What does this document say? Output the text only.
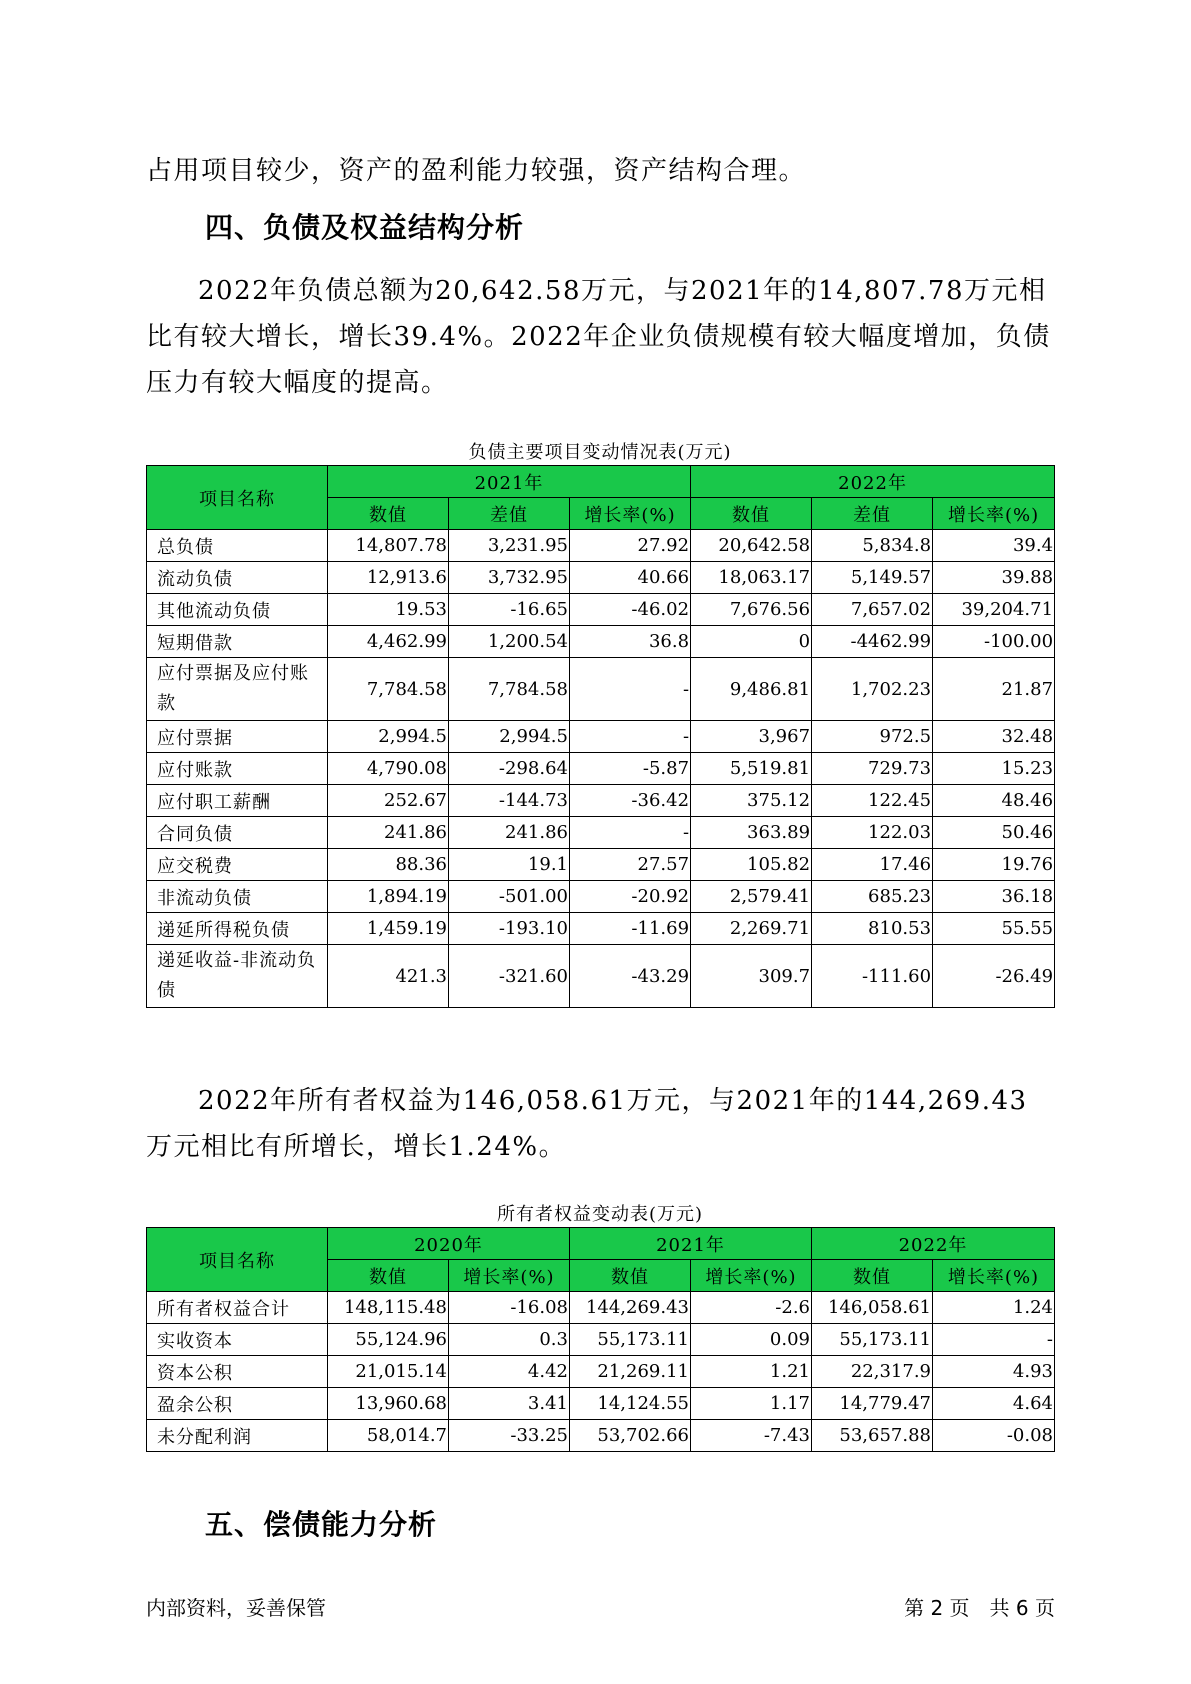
占用项目较少，资产的盈利能力较强，资产结构合理。

四、负债及权益结构分析

2022年负债总额为20,642.58万元，与2021年的14,807.78万元相比有较大增长，增长39.4%。2022年企业负债规模有较大幅度增加，负债压力有较大幅度的提高。

负债主要项目变动情况表(万元)
项目名称	2021年			2022年		
	数值	差值	增长率(%)	数值	差值	增长率(%)
总负债	14,807.78	3,231.95	27.92	20,642.58	5,834.8	39.4
流动负债	12,913.6	3,732.95	40.66	18,063.17	5,149.57	39.88
其他流动负债	19.53	-16.65	-46.02	7,676.56	7,657.02	39,204.71
短期借款	4,462.99	1,200.54	36.8	0	-4462.99	-100.00
应付票据及应付账款	7,784.58	7,784.58	-	9,486.81	1,702.23	21.87
应付票据	2,994.5	2,994.5	-	3,967	972.5	32.48
应付账款	4,790.08	-298.64	-5.87	5,519.81	729.73	15.23
应付职工薪酬	252.67	-144.73	-36.42	375.12	122.45	48.46
合同负债	241.86	241.86	-	363.89	122.03	50.46
应交税费	88.36	19.1	27.57	105.82	17.46	19.76
非流动负债	1,894.19	-501.00	-20.92	2,579.41	685.23	36.18
递延所得税负债	1,459.19	-193.10	-11.69	2,269.71	810.53	55.55
递延收益-非流动负债	421.3	-321.60	-43.29	309.7	-111.60	-26.49

2022年所有者权益为146,058.61万元，与2021年的144,269.43万元相比有所增长，增长1.24%。

所有者权益变动表(万元)
项目名称	2020年		2021年		2022年	
	数值	增长率(%)	数值	增长率(%)	数值	增长率(%)
所有者权益合计	148,115.48	-16.08	144,269.43	-2.6	146,058.61	1.24
实收资本	55,124.96	0.3	55,173.11	0.09	55,173.11	-
资本公积	21,015.14	4.42	21,269.11	1.21	22,317.9	4.93
盈余公积	13,960.68	3.41	14,124.55	1.17	14,779.47	4.64
未分配利润	58,014.7	-33.25	53,702.66	-7.43	53,657.88	-0.08
五、偿债能力分析
内部资料，妥善保管	第 2 页　共 6 页
